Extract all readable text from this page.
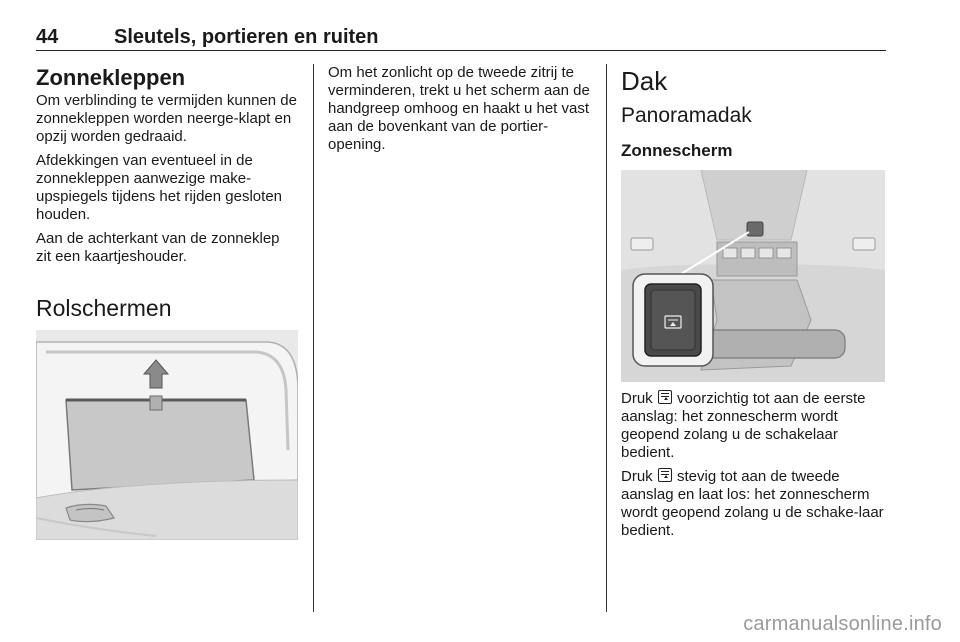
44	Sleutels, portieren en ruiten
Zonnekleppen

Om verblinding te vermijden kunnen de zonnekleppen worden neerge-klapt en opzij worden gedraaid.

Afdekkingen van eventueel in de zonnekleppen aanwezige make-upspiegels tijdens het rijden gesloten houden.

Aan de achterkant van de zonneklep zit een kaartjeshouder.

Rolschermen

Om het zonlicht op de tweede zitrij te verminderen, trekt u het scherm aan de handgreep omhoog en haakt u het vast aan de bovenkant van de portier-opening.

Dak
Panoramadak
Zonnescherm

Druk voorzichtig tot aan de eerste aanslag: het zonnescherm wordt geopend zolang u de schakelaar bedient.

Druk stevig tot aan de tweede aanslag en laat los: het zonnescherm wordt geopend zolang u de schake-laar bedient.

carmanualsonline.info
